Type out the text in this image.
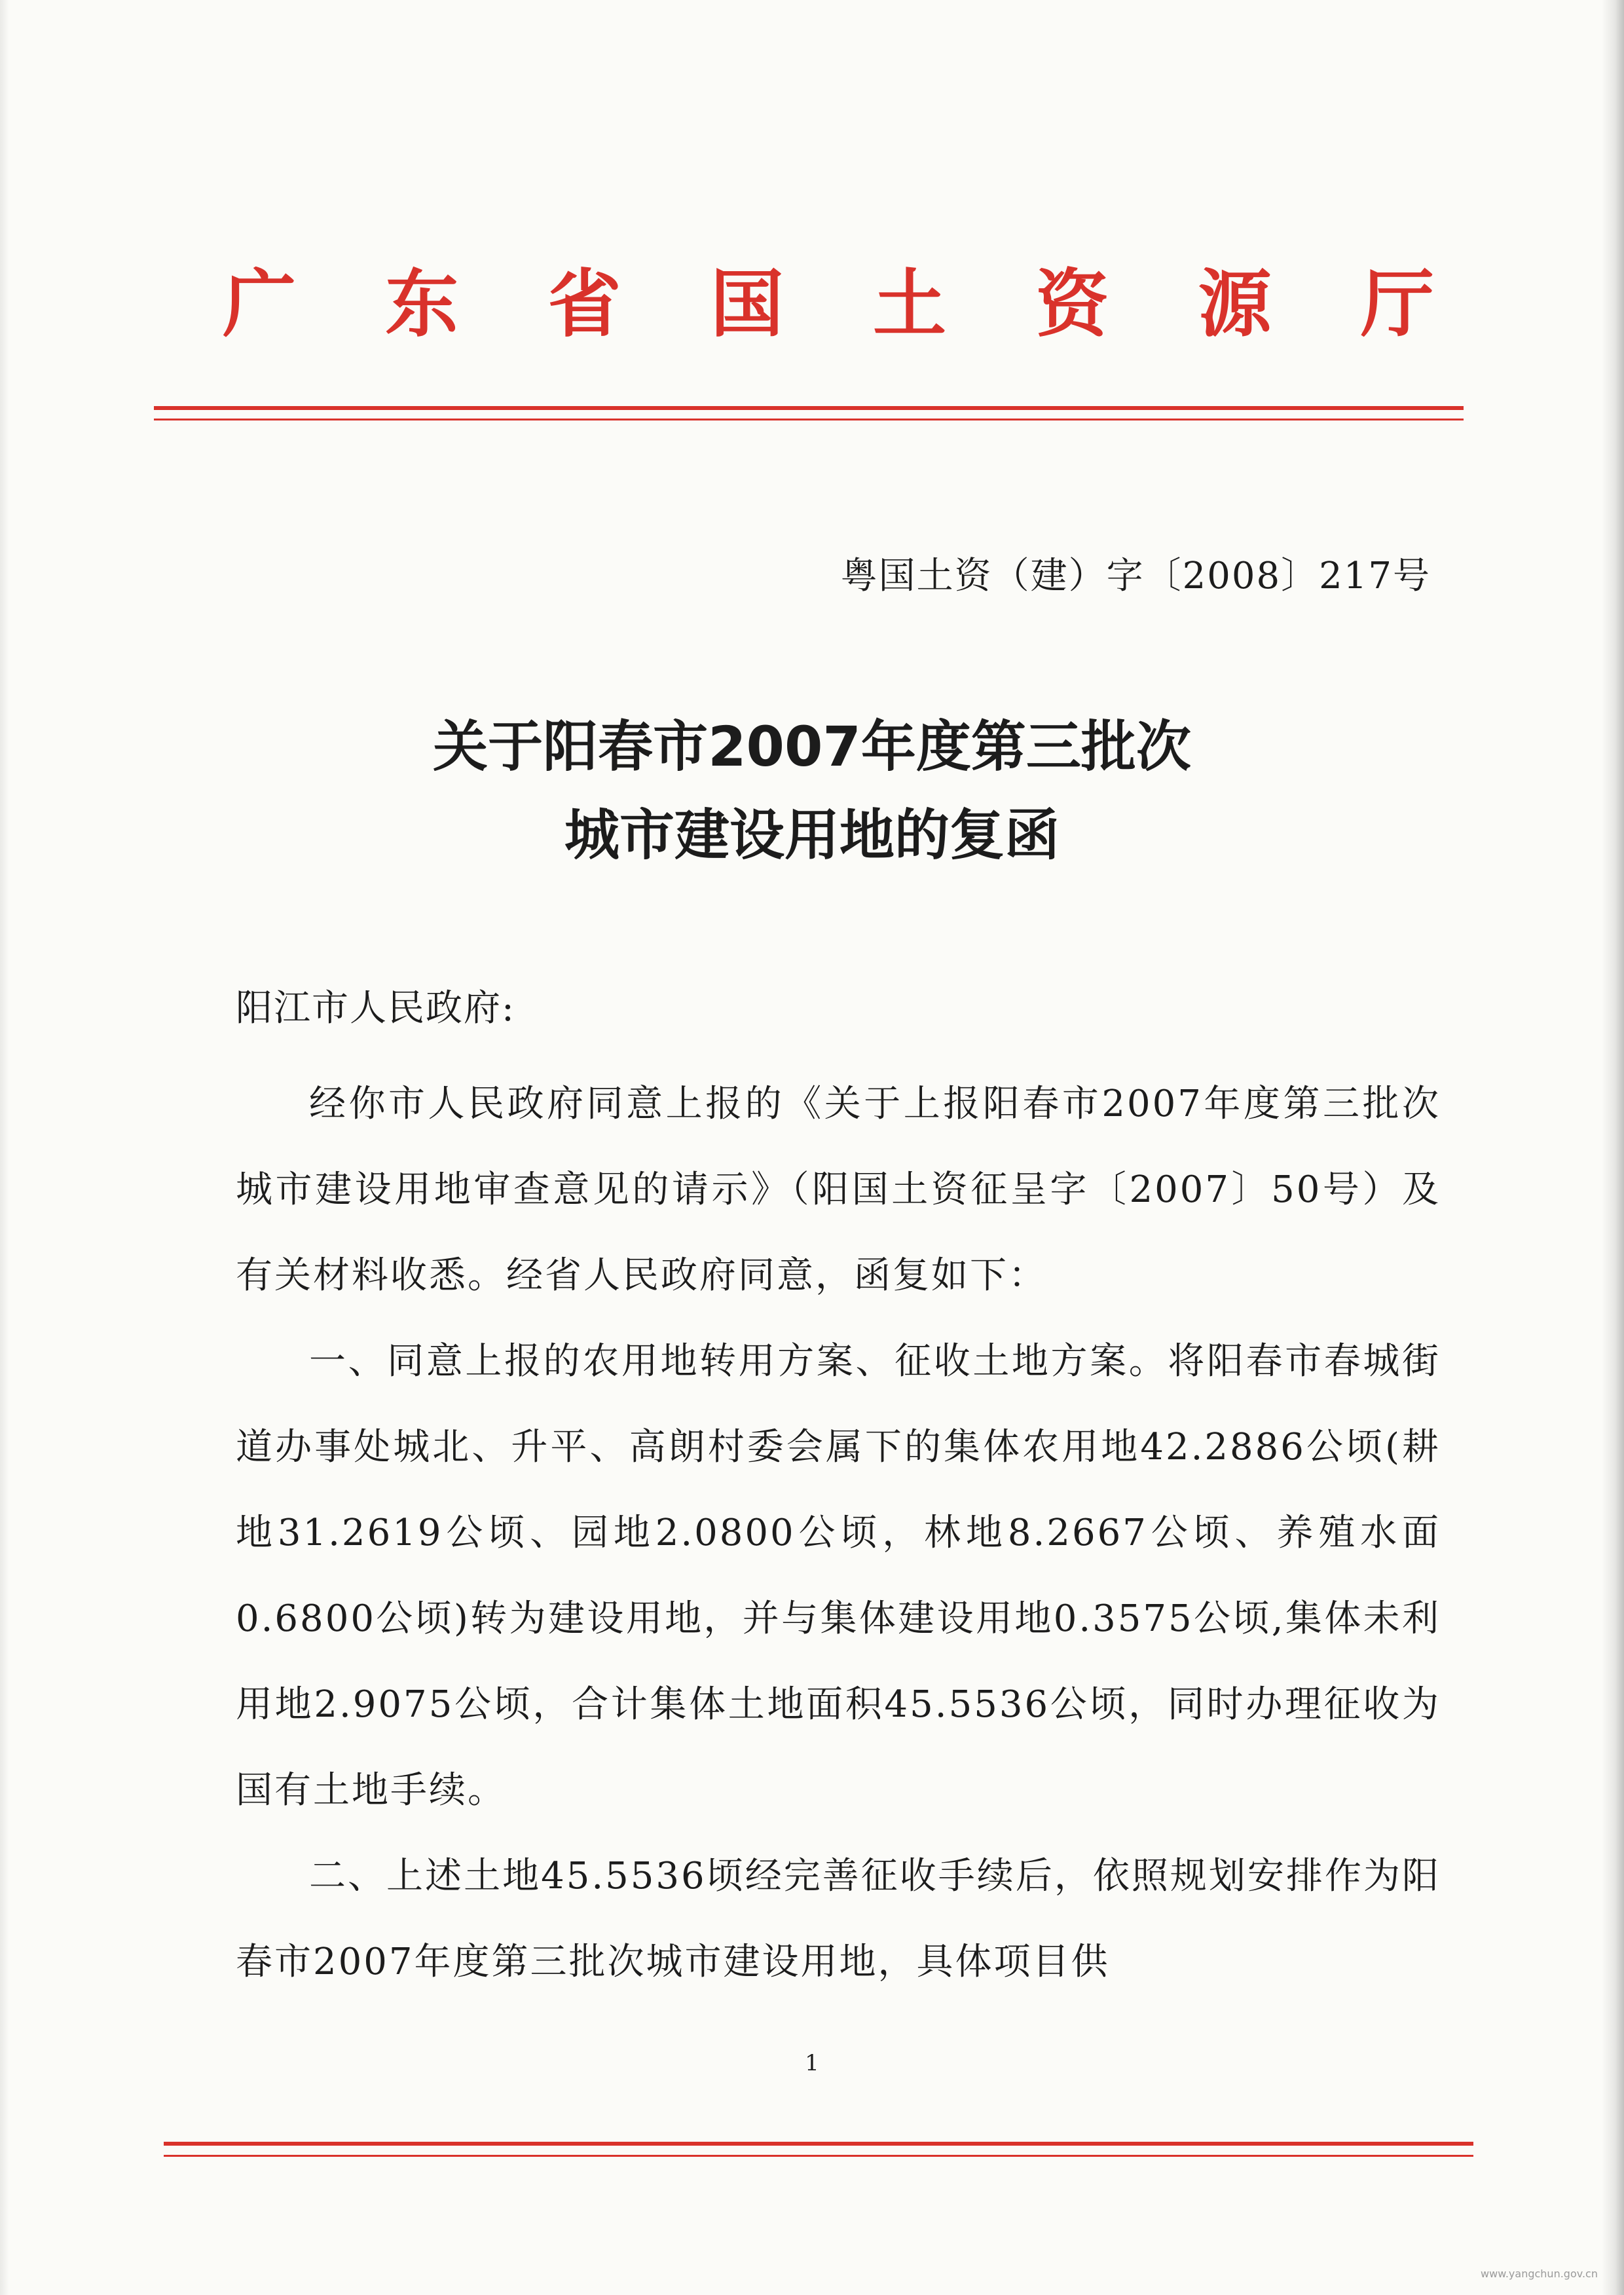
广 东 省 国 土 资 源 厅
粤国土资（建）字〔2008〕217号
关于阳春市2007年度第三批次
城市建设用地的复函
阳江市人民政府:

经你市人民政府同意上报的《关于上报阳春市2007年度第三批次城市建设用地审查意见的请示》（阳国土资征呈字〔2007〕50号）及有关材料收悉。经省人民政府同意，函复如下：

一、同意上报的农用地转用方案、征收土地方案。将阳春市春城街道办事处城北、升平、高朗村委会属下的集体农用地42.2886公顷(耕地31.2619公顷、园地2.0800公顷，林地8.2667公顷、养殖水面0.6800公顷)转为建设用地，并与集体建设用地0.3575公顷,集体未利用地2.9075公顷，合计集体土地面积45.5536公顷，同时办理征收为国有土地手续。

二、上述土地45.5536顷经完善征收手续后，依照规划安排作为阳春市2007年度第三批次城市建设用地，具体项目供

1
www.yangchun.gov.cn
